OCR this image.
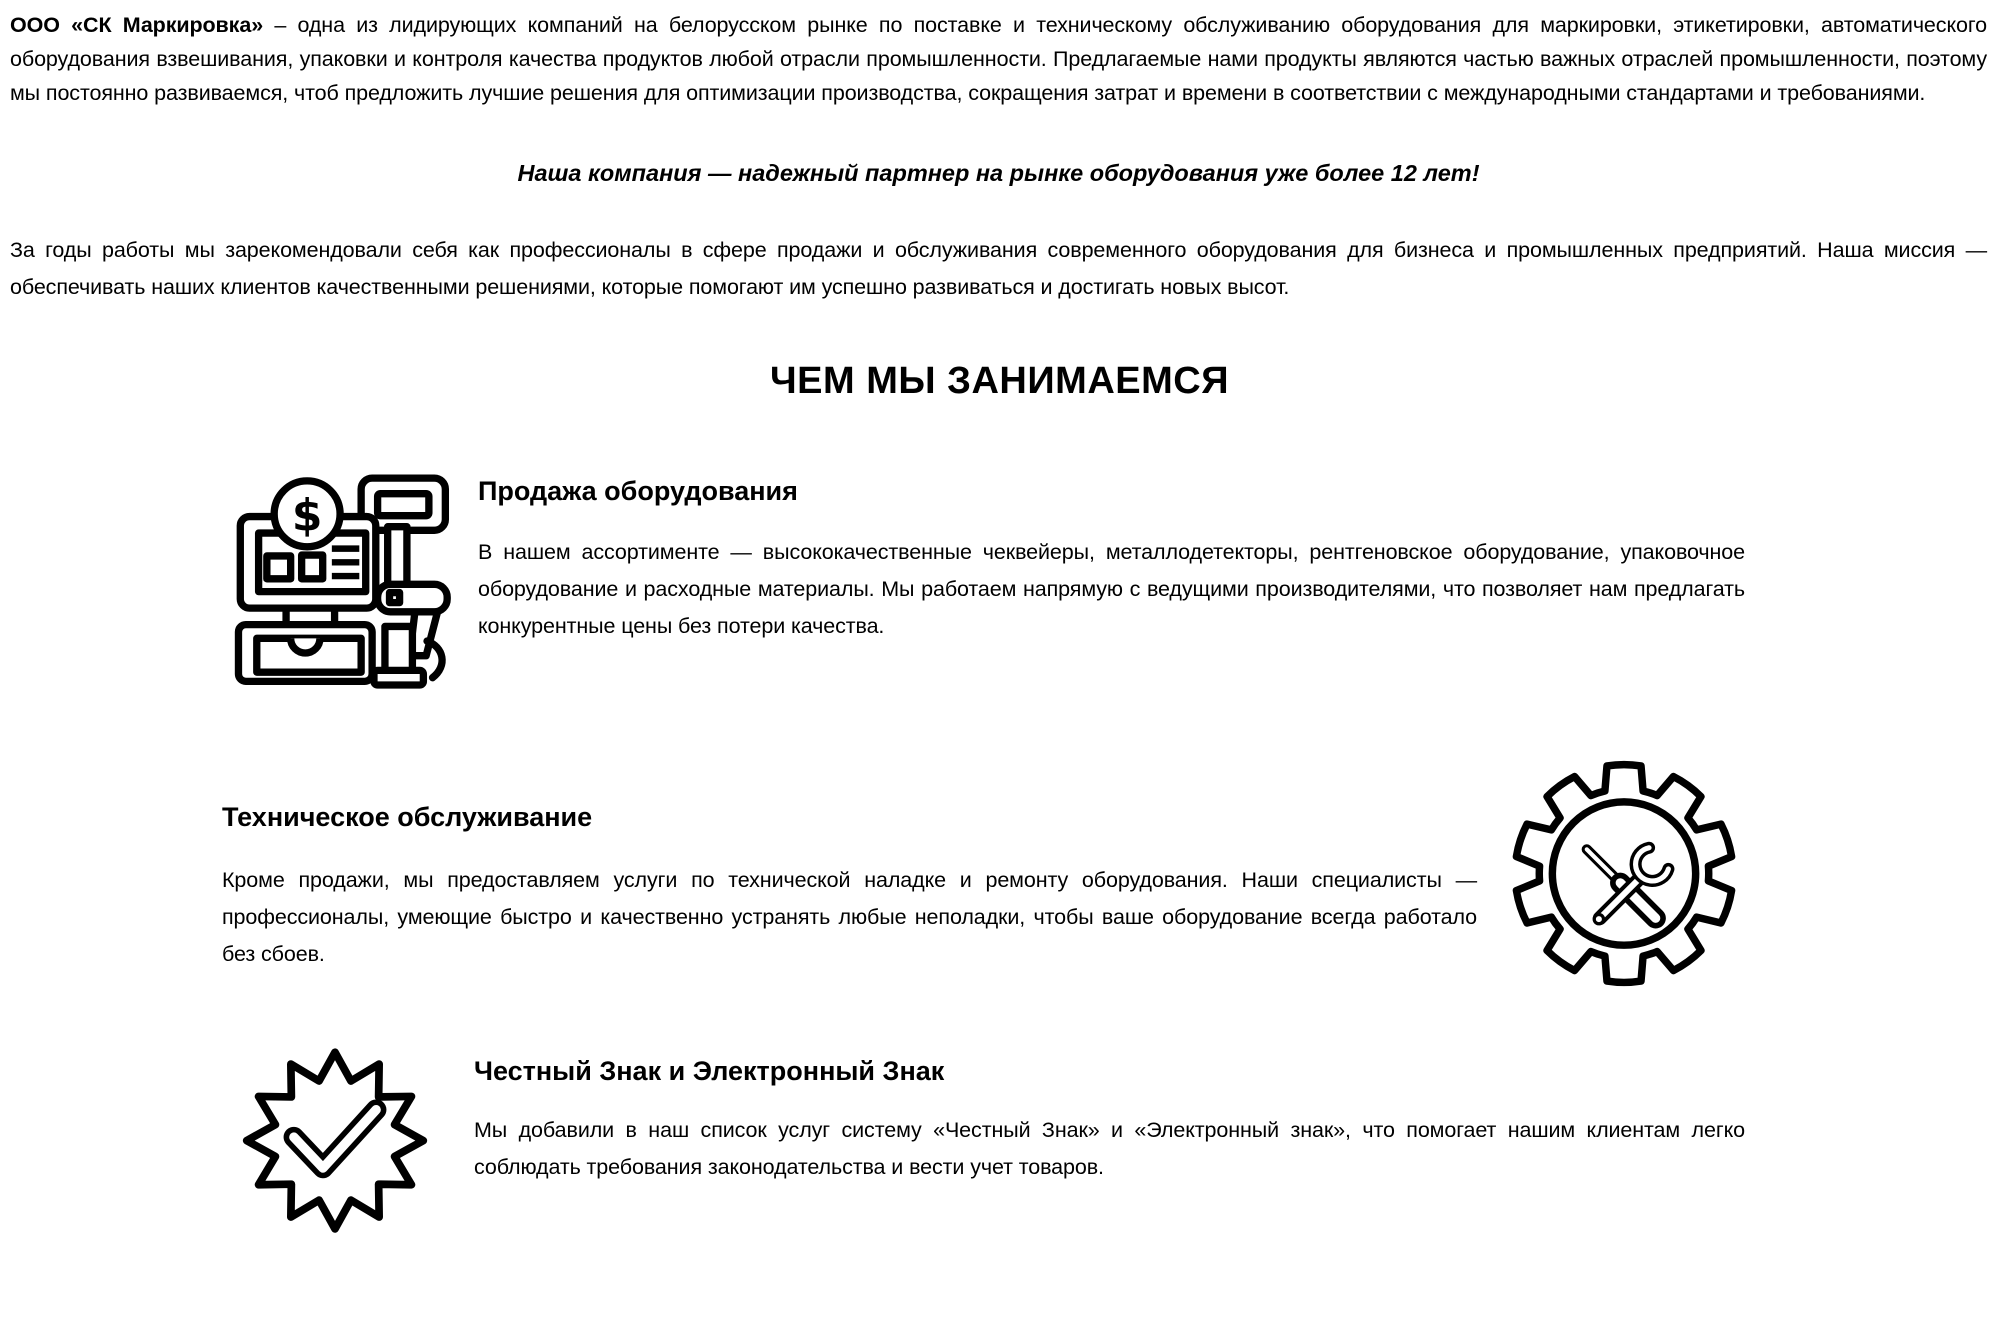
ООО «СК Маркировка» – одна из лидирующих компаний на белорусском рынке по поставке и техническому обслуживанию оборудования для маркировки, этикетировки, автоматического оборудования взвешивания, упаковки и контроля качества продуктов любой отрасли промышленности. Предлагаемые нами продукты являются частью важных отраслей промышленности, поэтому мы постоянно развиваемся, чтоб предложить лучшие решения для оптимизации производства, сокращения затрат и времени в соответствии с международными стандартами и требованиями.

Наша компания — надежный партнер на рынке оборудования уже более 12 лет!

За годы работы мы зарекомендовали себя как профессионалы в сфере продажи и обслуживания современного оборудования для бизнеса и промышленных предприятий. Наша миссия — обеспечивать наших клиентов качественными решениями, которые помогают им успешно развиваться и достигать новых высот.

ЧЕМ МЫ ЗАНИМАЕМСЯ
$	Продажа оборудования

В нашем ассортименте — высококачественные чеквейеры, металлодетекторы, рентгеновское оборудование, упаковочное оборудование и расходные материалы. Мы работаем напрямую с ведущими производителями, что позволяет нам предлагать конкурентные цены без потери качества.

Техническое обслуживание

Кроме продажи, мы предоставляем услуги по технической наладке и ремонту оборудования. Наши специалисты — профессионалы, умеющие быстро и качественно устранять любые неполадки, чтобы ваше оборудование всегда работало без сбоев.

Честный Знак и Электронный Знак

Мы добавили в наш список услуг систему «Честный Знак» и «Электронный знак», что помогает нашим клиентам легко соблюдать требования законодательства и вести учет товаров.
